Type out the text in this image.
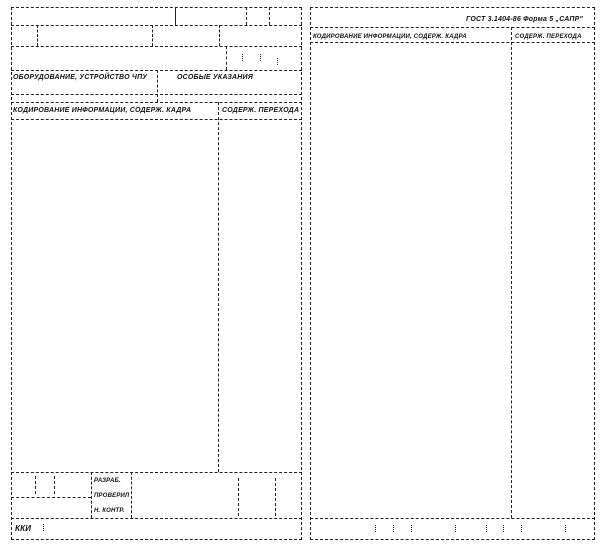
ОБОРУДОВАНИЕ, УСТРОЙСТВО ЧПУ	ОСОБЫЕ УКАЗАНИЯ
КОДИРОВАНИЕ ИНФОРМАЦИИ, СОДЕРЖ. КАДРА	СОДЕРЖ. ПЕРЕХОДА
РАЗРАБ.
ПРОВЕРИЛ
Н. КОНТР.
ККИ
ГОСТ 3.1404-86 Форма 5 „САПР"
КОДИРОВАНИЕ ИНФОРМАЦИИ, СОДЕРЖ. КАДРА	СОДЕРЖ. ПЕРЕХОДА
